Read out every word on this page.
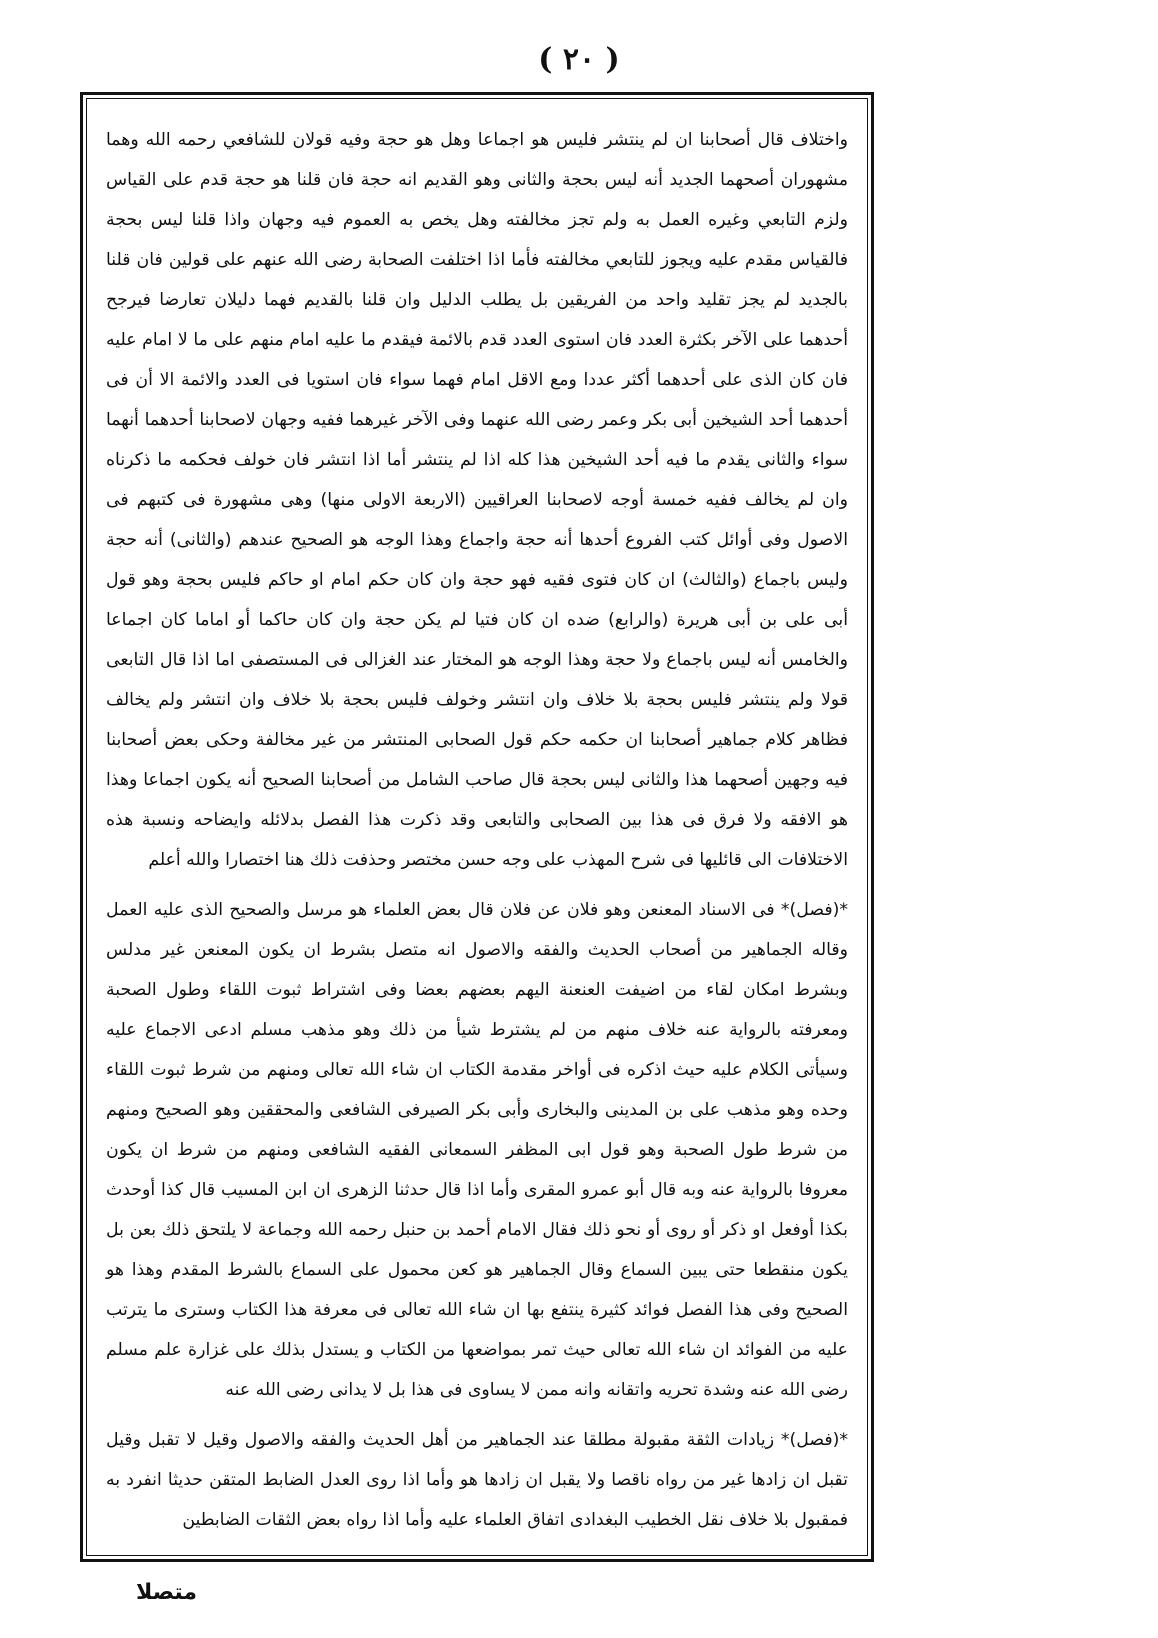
( ٢٠ )

واختلاف قال أصحابنا ان لم ينتشر فليس هو اجماعا وهل هو حجة وفيه قولان للشافعي رحمه الله وهما مشهوران أصحهما الجديد أنه ليس بحجة والثانى وهو القديم انه حجة فان قلنا هو حجة قدم على القياس ولزم التابعي وغيره العمل به ولم تجز مخالفته وهل يخص به العموم فيه وجهان واذا قلنا ليس بحجة فالقياس مقدم عليه ويجوز للتابعي مخالفته فأما اذا اختلفت الصحابة رضى الله عنهم على قولين فان قلنا بالجديد لم يجز تقليد واحد من الفريقين بل يطلب الدليل وان قلنا بالقديم فهما دليلان تعارضا فيرجح أحدهما على الآخر بكثرة العدد فان استوى العدد قدم بالائمة فيقدم ما عليه امام منهم على ما لا امام عليه فان كان الذى على أحدهما أكثر عددا ومع الاقل امام فهما سواء فان استويا فى العدد والائمة الا أن فى أحدهما أحد الشيخين أبى بكر وعمر رضى الله عنهما وفى الآخر غيرهما ففيه وجهان لاصحابنا أحدهما أنهما سواء والثانى يقدم ما فيه أحد الشيخين هذا كله اذا لم ينتشر أما اذا انتشر فان خولف فحكمه ما ذكرناه وان لم يخالف ففيه خمسة أوجه لاصحابنا العراقيين (الاربعة الاولى منها) وهى مشهورة فى كتبهم فى الاصول وفى أوائل كتب الفروع أحدها أنه حجة واجماع وهذا الوجه هو الصحيح عندهم (والثانى) أنه حجة وليس باجماع (والثالث) ان كان فتوى فقيه فهو حجة وان كان حكم امام او حاكم فليس بحجة وهو قول أبى على بن أبى هريرة (والرابع) ضده ان كان فتيا لم يكن حجة وان كان حاكما أو اماما كان اجماعا والخامس أنه ليس باجماع ولا حجة وهذا الوجه هو المختار عند الغزالى فى المستصفى اما اذا قال التابعى قولا ولم ينتشر فليس بحجة بلا خلاف وان انتشر وخولف فليس بحجة بلا خلاف وان انتشر ولم يخالف فظاهر كلام جماهير أصحابنا ان حكمه حكم قول الصحابى المنتشر من غير مخالفة وحكى بعض أصحابنا فيه وجهين أصحهما هذا والثانى ليس بحجة قال صاحب الشامل من أصحابنا الصحيح أنه يكون اجماعا وهذا هو الافقه ولا فرق فى هذا بين الصحابى والتابعى وقد ذكرت هذا الفصل بدلائله وايضاحه ونسبة هذه الاختلافات الى قائليها فى شرح المهذب على وجه حسن مختصر وحذفت ذلك هنا اختصارا والله أعلم

*(فصل)* فى الاسناد المعنعن وهو فلان عن فلان قال بعض العلماء هو مرسل والصحيح الذى عليه العمل وقاله الجماهير من أصحاب الحديث والفقه والاصول انه متصل بشرط ان يكون المعنعن غير مدلس وبشرط امكان لقاء من اضيفت العنعنة اليهم بعضهم بعضا وفى اشتراط ثبوت اللقاء وطول الصحبة ومعرفته بالرواية عنه خلاف منهم من لم يشترط شيأ من ذلك وهو مذهب مسلم ادعى الاجماع عليه وسيأتى الكلام عليه حيث اذكره فى أواخر مقدمة الكتاب ان شاء الله تعالى ومنهم من شرط ثبوت اللقاء وحده وهو مذهب على بن المدينى والبخارى وأبى بكر الصيرفى الشافعى والمحققين وهو الصحيح ومنهم من شرط طول الصحبة وهو قول ابى المظفر السمعانى الفقيه الشافعى ومنهم من شرط ان يكون معروفا بالرواية عنه وبه قال أبو عمرو المقرى وأما اذا قال حدثنا الزهرى ان ابن المسيب قال كذا أوحدث بكذا أوفعل او ذكر أو روى أو نحو ذلك فقال الامام أحمد بن حنبل رحمه الله وجماعة لا يلتحق ذلك بعن بل يكون منقطعا حتى يبين السماع وقال الجماهير هو كعن محمول على السماع بالشرط المقدم وهذا هو الصحيح وفى هذا الفصل فوائد كثيرة ينتفع بها ان شاء الله تعالى فى معرفة هذا الكتاب وسترى ما يترتب عليه من الفوائد ان شاء الله تعالى حيث تمر بمواضعها من الكتاب و يستدل بذلك على غزارة علم مسلم رضى الله عنه وشدة تحريه واتقانه وانه ممن لا يساوى فى هذا بل لا يدانى رضى الله عنه

*(فصل)* زيادات الثقة مقبولة مطلقا عند الجماهير من أهل الحديث والفقه والاصول وقيل لا تقبل وقيل تقبل ان زادها غير من رواه ناقصا ولا يقبل ان زادها هو وأما اذا روى العدل الضابط المتقن حديثا انفرد به فمقبول بلا خلاف نقل الخطيب البغدادى اتفاق العلماء عليه وأما اذا رواه بعض الثقات الضابطين

متصلا
